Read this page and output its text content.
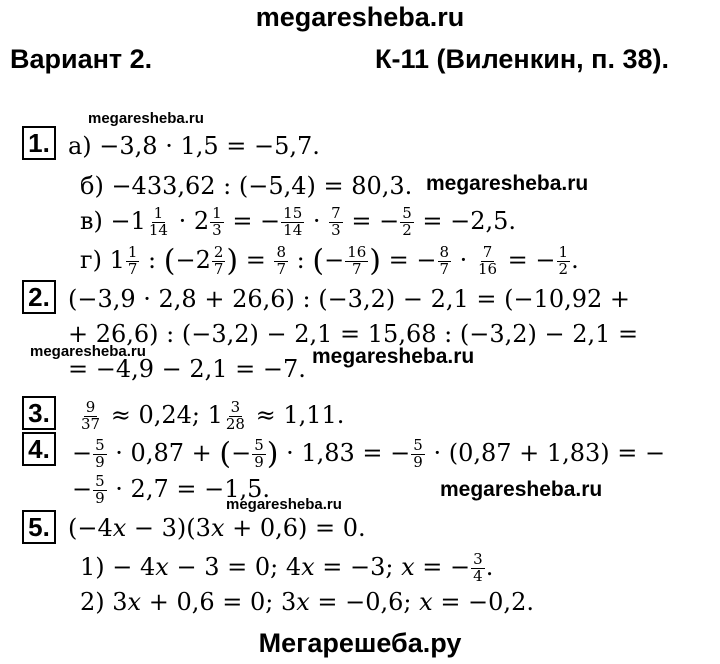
megaresheba.ru
Вариант 2.	К-11 (Виленкин, п. 38).
megaresheba.ru
1. а) −3,8 · 1,5 = −5,7.
б) −433,62 : (−5,4) = 80,3. megaresheba.ru
$в) -1 \frac{1}{14} \cdot 2 \frac{1}{3}$ = − $\frac{15}{14} \cdot \frac{7}{3}$ = − $\frac{5}{2} = -2,5$.
г) $1 \frac{1}{7}$ : ($-2 \frac{2}{7}$ ) = $\frac{8}{7}$ : (− $\frac{16}{7}$ ) = − $\frac{8}{7} \cdot \frac{7}{16}$ = − $\frac{1}{2}$ .
2. (−3,9 · 2,8 + 26,6) : (−3,2) − 2,1 = (−10,92 +
+ 26,6) : (−3,2) − 2,1 = 15,68 : (−3,2) − 2,1 =
megaresheba.ru	megaresheba.ru
= −4,9 − 2,1 = −7.
3. $\frac{9}{37} \approx 0,24$; $1 \frac{3}{28} \approx 1,11$.
4. − $\frac{5}{9} \cdot 0,87$ + (− $\frac{5}{9}$ ) · 1,83 = − $\frac{5}{9} \cdot (0,87 + 1,83)$ = −
− $\frac{5}{9} \cdot 2,7 = -1,5$.
megaresheba.ru
megaresheba.ru
5. (−4x − 3)(3x + 0,6) = 0.
1) − 4x − 3 = 0; 4x = −3; x = − $\frac{3}{4}$ .
2) 3x + 0,6 = 0; 3x = −0,6; x = −0,2.
Мегарешеба.ру
